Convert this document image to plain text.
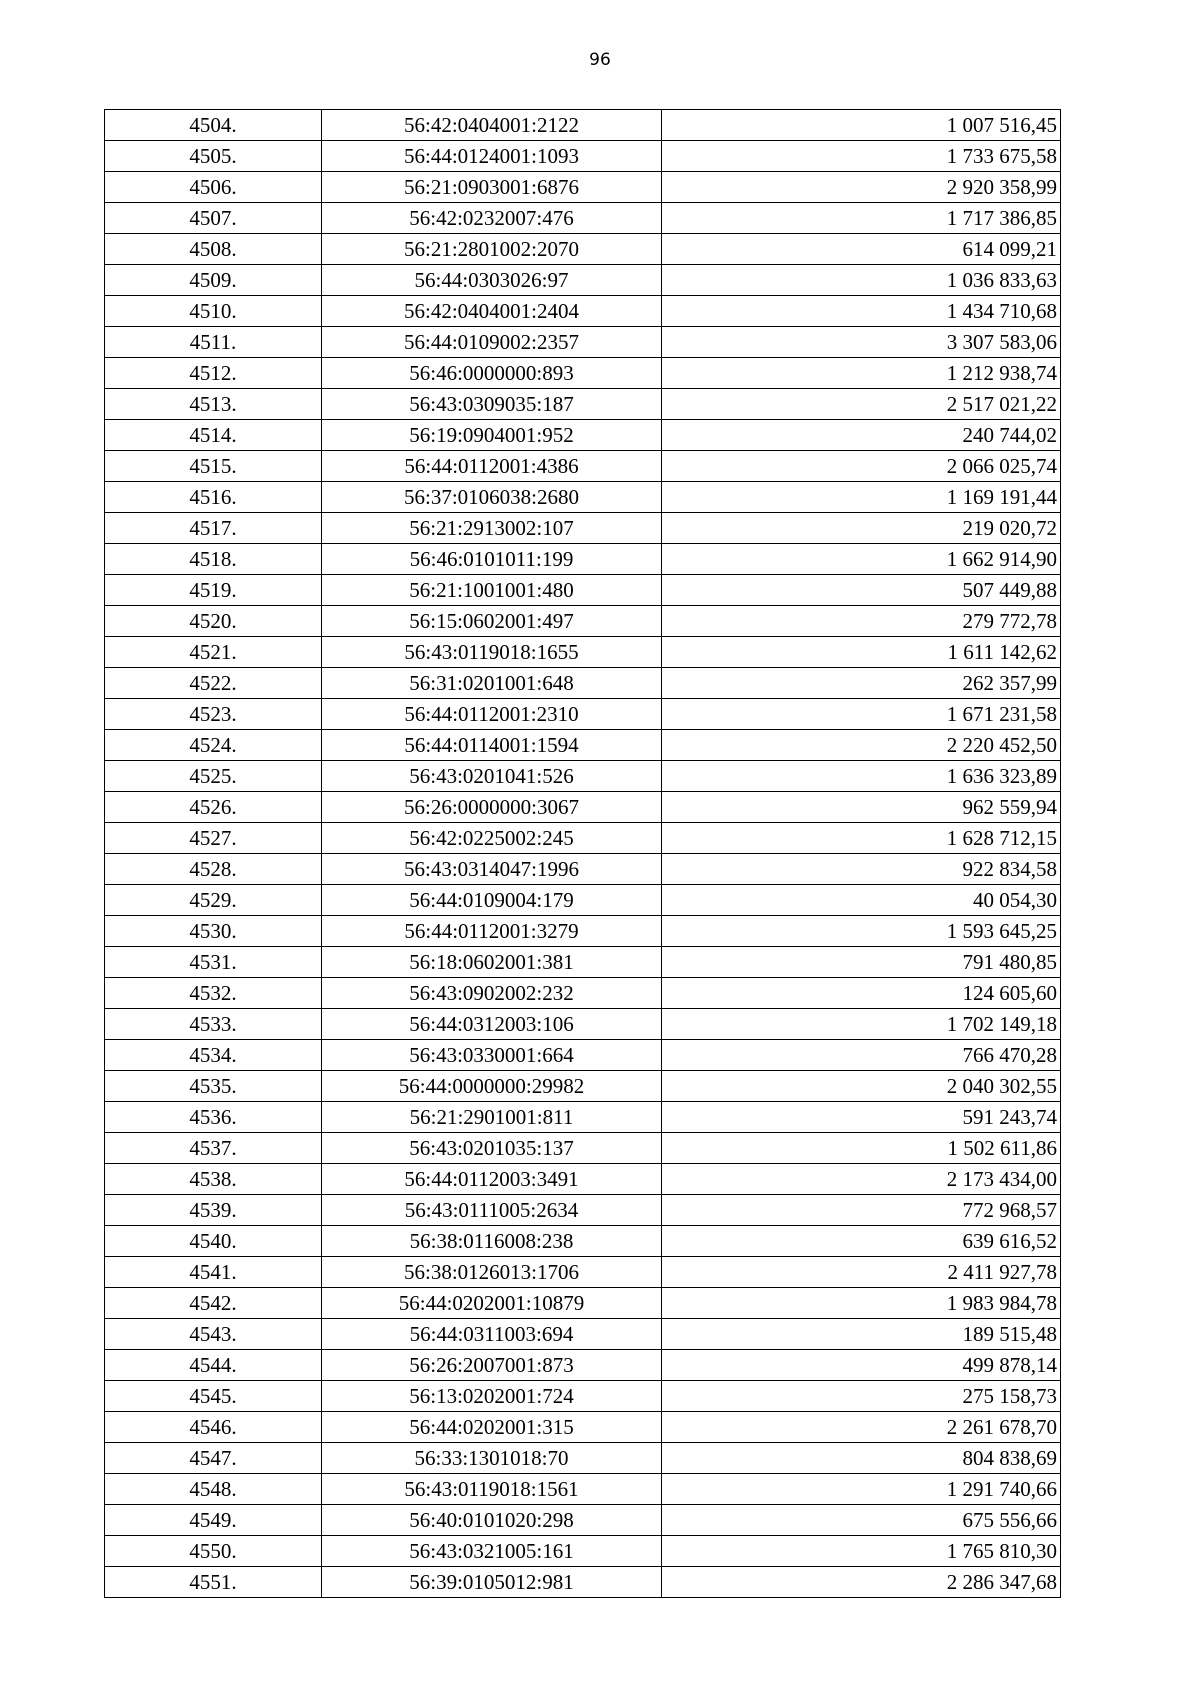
96
4504.	56:42:0404001:2122	1 007 516,45
4505.	56:44:0124001:1093	1 733 675,58
4506.	56:21:0903001:6876	2 920 358,99
4507.	56:42:0232007:476	1 717 386,85
4508.	56:21:2801002:2070	614 099,21
4509.	56:44:0303026:97	1 036 833,63
4510.	56:42:0404001:2404	1 434 710,68
4511.	56:44:0109002:2357	3 307 583,06
4512.	56:46:0000000:893	1 212 938,74
4513.	56:43:0309035:187	2 517 021,22
4514.	56:19:0904001:952	240 744,02
4515.	56:44:0112001:4386	2 066 025,74
4516.	56:37:0106038:2680	1 169 191,44
4517.	56:21:2913002:107	219 020,72
4518.	56:46:0101011:199	1 662 914,90
4519.	56:21:1001001:480	507 449,88
4520.	56:15:0602001:497	279 772,78
4521.	56:43:0119018:1655	1 611 142,62
4522.	56:31:0201001:648	262 357,99
4523.	56:44:0112001:2310	1 671 231,58
4524.	56:44:0114001:1594	2 220 452,50
4525.	56:43:0201041:526	1 636 323,89
4526.	56:26:0000000:3067	962 559,94
4527.	56:42:0225002:245	1 628 712,15
4528.	56:43:0314047:1996	922 834,58
4529.	56:44:0109004:179	40 054,30
4530.	56:44:0112001:3279	1 593 645,25
4531.	56:18:0602001:381	791 480,85
4532.	56:43:0902002:232	124 605,60
4533.	56:44:0312003:106	1 702 149,18
4534.	56:43:0330001:664	766 470,28
4535.	56:44:0000000:29982	2 040 302,55
4536.	56:21:2901001:811	591 243,74
4537.	56:43:0201035:137	1 502 611,86
4538.	56:44:0112003:3491	2 173 434,00
4539.	56:43:0111005:2634	772 968,57
4540.	56:38:0116008:238	639 616,52
4541.	56:38:0126013:1706	2 411 927,78
4542.	56:44:0202001:10879	1 983 984,78
4543.	56:44:0311003:694	189 515,48
4544.	56:26:2007001:873	499 878,14
4545.	56:13:0202001:724	275 158,73
4546.	56:44:0202001:315	2 261 678,70
4547.	56:33:1301018:70	804 838,69
4548.	56:43:0119018:1561	1 291 740,66
4549.	56:40:0101020:298	675 556,66
4550.	56:43:0321005:161	1 765 810,30
4551.	56:39:0105012:981	2 286 347,68
